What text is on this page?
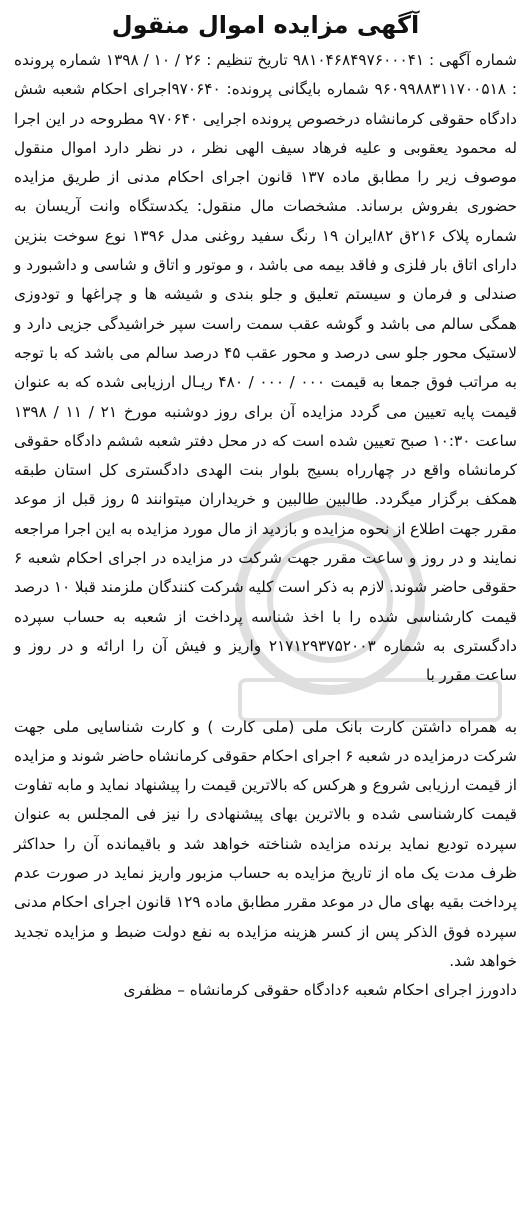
آگهی مزایده اموال منقول

شماره آگهی : ۹۸۱۰۴۶۸۴۹۷۶۰۰۰۴۱ تاریخ تنظیم : ۲۶ / ۱۰ / ۱۳۹۸ شماره پرونده : ۹۶۰۹۹۸۸۳۱۱۷۰۰۵۱۸ شماره بایگانی پرونده: ۹۷۰۶۴۰اجرای احکام شعبه شش دادگاه حقوقی کرمانشاه درخصوص پرونده اجرایی ۹۷۰۶۴۰ مطروحه در این اجرا له محمود یعقوبی و علیه فرهاد سیف الهی نظر ، در نظر دارد اموال منقول موصوف زیر را مطابق ماده ۱۳۷ قانون اجرای احکام مدنی از طریق مزایده حضوری بفروش برساند. مشخصات مال منقول: یکدستگاه وانت آریسان به شماره پلاک ۲۱۶ق ۸۲ایران ۱۹ رنگ سفید روغنی مدل ۱۳۹۶ نوع سوخت بنزین دارای اتاق بار فلزی و فاقد بیمه می باشد ، و موتور و اتاق و شاسی و داشبورد و صندلی و فرمان و سیستم تعلیق و جلو بندی و شیشه ها و چراغها و تودوزی همگی سالم می باشد و گوشه عقب سمت راست سپر خراشیدگی جزیی دارد و لاستیک محور جلو سی درصد و محور عقب ۴۵ درصد سالم می باشد که با توجه به مراتب فوق جمعا به قیمت ۰۰۰ / ۰۰۰ / ۴۸۰ ریـال ارزیابی شده که به عنوان قیمت پایه تعیین می گردد مزایده آن برای روز دوشنبه مورخ ۲۱ / ۱۱ / ۱۳۹۸ ساعت ۱۰:۳۰ صبح تعیین شده است که در محل دفتر شعبه ششم دادگاه حقوقی کرمانشاه واقع در چهارراه بسیج بلوار بنت الهدی دادگستری کل استان طبقه همکف برگزار میگردد. طالبین طالبین و خریداران میتوانند ۵ روز قبل از موعد مقرر جهت اطلاع از نحوه مزایده و بازدید از مال مورد مزایده به این اجرا مراجعه نمایند و در روز و ساعت مقرر جهت شرکت در مزایده در اجرای احکام شعبه ۶ حقوقی حاضر شوند. لازم به ذکر است کلیه شرکت کنندگان ملزمند قبلا ۱۰ درصد قیمت کارشناسی شده را با اخذ شناسه پرداخت از شعبه به حساب سپرده دادگستری به شماره ۲۱۷۱۲۹۳۷۵۲۰۰۳ واریز و فیش آن را ارائه و در روز و ساعت مقرر با

به همراه داشتن کارت بانک ملی (ملی کارت ) و کارت شناسایی ملی جهت شرکت درمزایده در شعبه ۶ اجرای احکام حقوقی کرمانشاه حاضر شوند و مزایده از قیمت ارزیابی شروع و هرکس که بالاترین قیمت را پیشنهاد نماید و مابه تفاوت قیمت کارشناسی شده و بالاترین بهای پیشنهادی را نیز فی المجلس به عنوان سپرده تودیع نماید برنده مزایده شناخته خواهد شد و باقیمانده آن را حداکثر ظرف مدت یک ماه از تاریخ مزایده به حساب مزبور واریز نماید در صورت عدم پرداخت بقیه بهای مال در موعد مقرر مطابق ماده ۱۲۹ قانون اجرای احکام مدنی سپرده فوق الذکر پس از کسر هزینه مزایده به نفع دولت ضبط و مزایده تجدید خواهد شد.

دادورز اجرای احکام شعبه ۶دادگاه حقوقی کرمانشاه – مظفری
